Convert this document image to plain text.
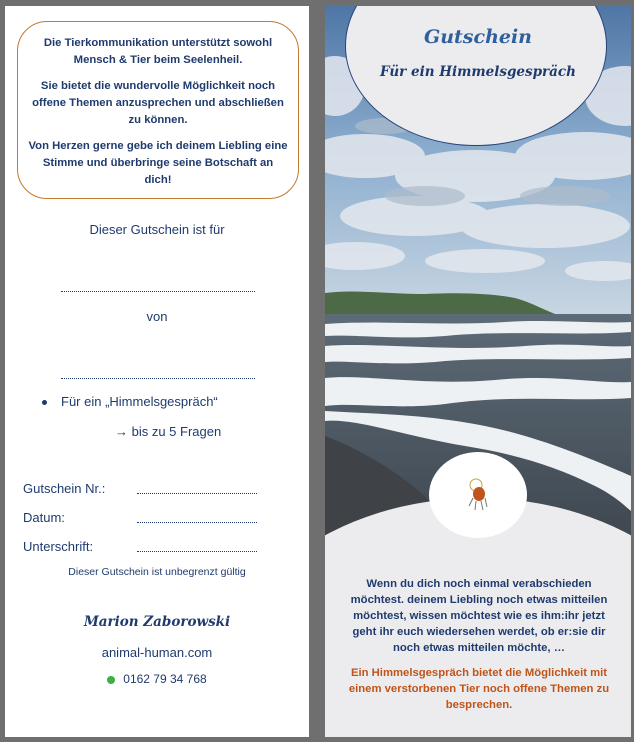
Die Tierkommunikation unterstützt sowohl Mensch & Tier beim Seelenheil.

Sie bietet die wundervolle Möglichkeit noch offene Themen anzusprechen und abschließen zu können.

Von Herzen gerne gebe ich deinem Liebling eine Stimme und überbringe seine Botschaft an dich!

Dieser Gutschein ist für
von
Für ein „Himmelsgespräch“
→ bis zu 5 Fragen
Gutschein Nr.:
Datum:
Unterschrift:
Dieser Gutschein ist unbegrenzt gültig
Marion Zaborowski
animal-human.com
0162 79 34 768
Gutschein
Für ein Himmelsgespräch
Wenn du dich noch einmal verabschieden möchtest. deinem Liebling noch etwas mitteilen möchtest, wissen möchtest wie es ihm:ihr jetzt geht ihr euch wiedersehen werdet, ob er:sie dir noch etwas mitteilen möchte, …
Ein Himmelsgespräch bietet die Möglichkeit mit einem verstorbenen Tier noch offene Themen zu besprechen.
